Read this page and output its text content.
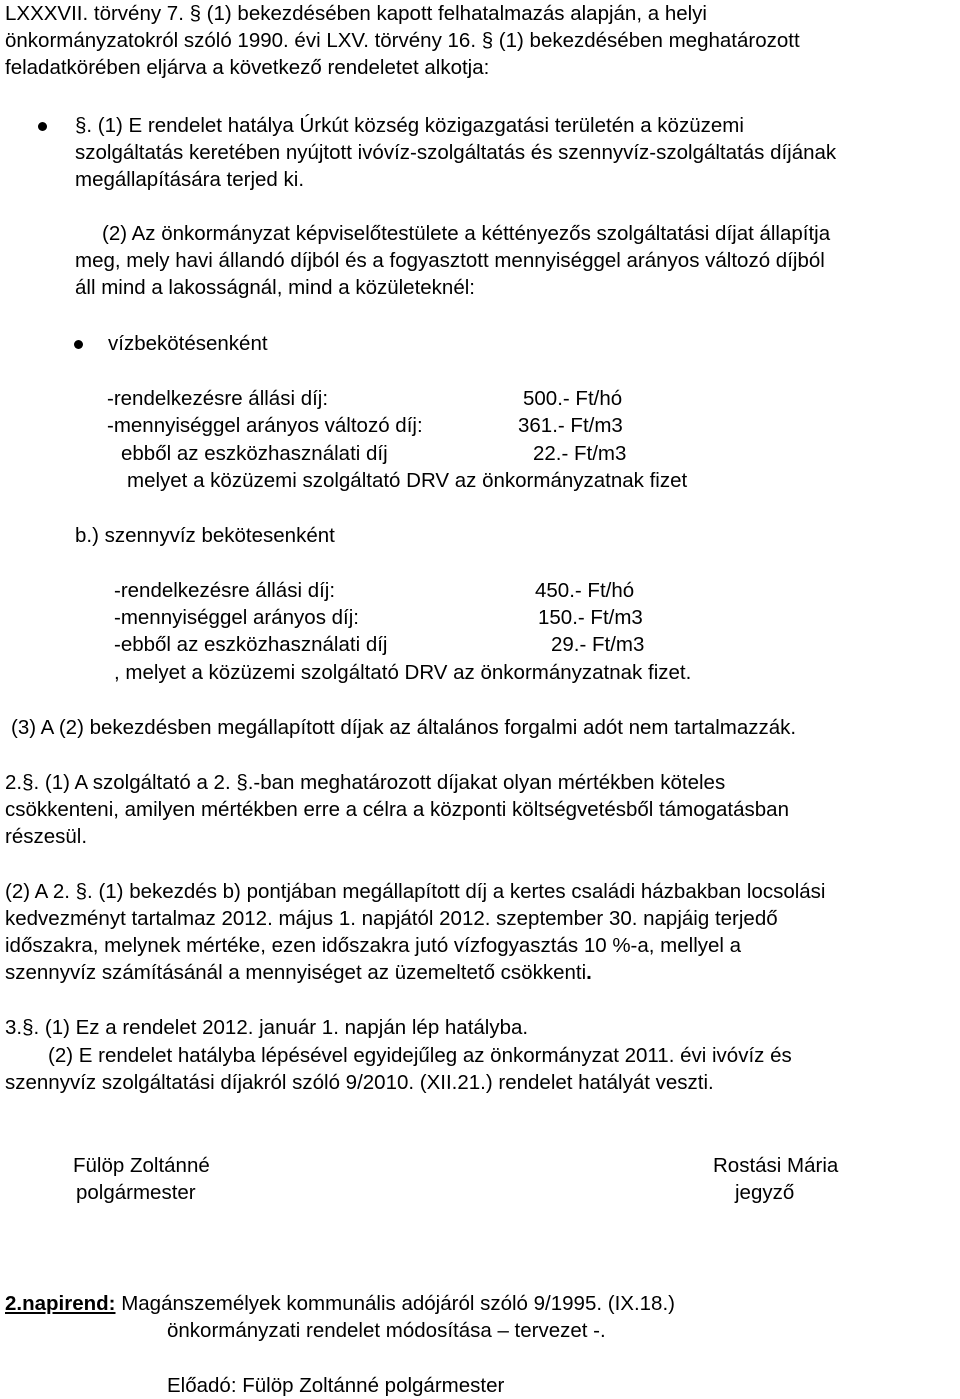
LXXXVII. törvény 7. § (1) bekezdésében kapott felhatalmazás alapján, a helyi
önkormányzatokról szóló 1990. évi LXV. törvény 16. § (1) bekezdésében meghatározott
feladatkörében eljárva a következő rendeletet alkotja:
§. (1) E rendelet hatálya Úrkút község közigazgatási területén a közüzemi
szolgáltatás keretében nyújtott ivóvíz-szolgáltatás és szennyvíz-szolgáltatás díjának
megállapítására terjed ki.
(2) Az önkormányzat képviselőtestülete a kéttényezős szolgáltatási díjat állapítja
meg, mely havi állandó díjból és a fogyasztott mennyiséggel arányos változó díjból
áll mind a lakosságnál, mind a közületeknél:
vízbekötésenként
-rendelkezésre állási díj:	500.- Ft/hó
-mennyiséggel arányos változó díj:	361.- Ft/m3
ebből az eszközhasználati díj	22.- Ft/m3
melyet a közüzemi szolgáltató DRV az önkormányzatnak fizet
b.) szennyvíz bekötesenként
-rendelkezésre állási díj:	450.- Ft/hó
-mennyiséggel arányos díj:	150.- Ft/m3
-ebből az eszközhasználati díj	29.- Ft/m3
, melyet a közüzemi szolgáltató DRV az önkormányzatnak fizet.
(3) A (2) bekezdésben megállapított díjak az általános forgalmi adót nem tartalmazzák.
2.§. (1) A szolgáltató a 2. §.-ban meghatározott díjakat olyan mértékben köteles
csökkenteni, amilyen mértékben erre a célra a központi költségvetésből támogatásban
részesül.
(2) A 2. §. (1) bekezdés b) pontjában megállapított díj a kertes családi házbakban locsolási
kedvezményt tartalmaz 2012. május 1. napjától 2012. szeptember 30. napjáig terjedő
időszakra, melynek mértéke, ezen időszakra jutó vízfogyasztás 10 %-a, mellyel a
szennyvíz számításánál a mennyiséget az üzemeltető csökkenti.
3.§. (1) Ez a rendelet 2012. január 1. napján lép hatályba.
(2) E rendelet hatályba lépésével egyidejűleg az önkormányzat 2011. évi ivóvíz és
szennyvíz szolgáltatási díjakról szóló 9/2010. (XII.21.) rendelet hatályát veszti.
Fülöp Zoltánné
polgármester
Rostási Mária
jegyző
2.napirend: Magánszemélyek kommunális adójáról szóló 9/1995. (IX.18.)
önkormányzati rendelet módosítása – tervezet -.
Előadó: Fülöp Zoltánné polgármester
